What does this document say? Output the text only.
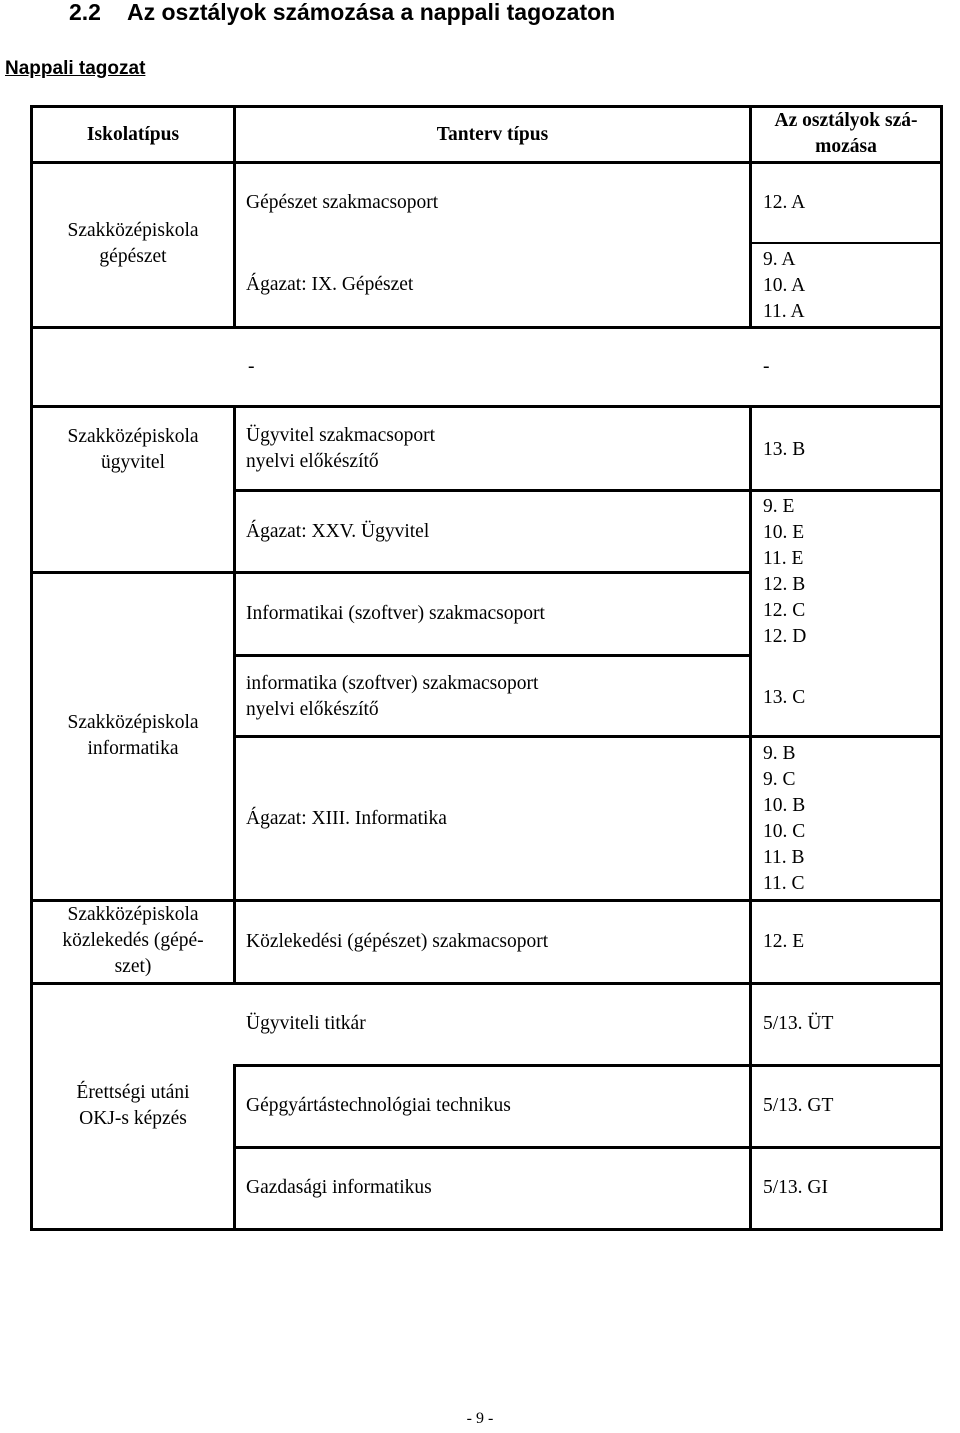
2.2 Az osztályok számozása a nappali tagozaton
Nappali tagozat
Iskolatípus	Tanterv típus
Az osztályok szá-
mozása
Szakközépiskola
gépészet
Szakközépiskola
ügyvitel
Szakközépiskola
informatika
Szakközépiskola
közlekedés (gépé-
szet)
Érettségi utáni
OKJ-s képzés
Gépészet szakmacsoport
Ágazat: IX. Gépészet
-
Ügyvitel szakmacsoport
nyelvi előkészítő
Ágazat: XXV. Ügyvitel
Informatikai (szoftver) szakmacsoport
informatika (szoftver) szakmacsoport
nyelvi előkészítő
Ágazat: XIII. Informatika
Közlekedési (gépészet) szakmacsoport
Ügyviteli titkár
Gépgyártástechnológiai technikus
Gazdasági informatikus
12. A
9. A
10. A
11. A
-
13. B
9. E
10. E
11. E
12. B
12. C
12. D
13. C
9. B
9. C
10. B
10. C
11. B
11. C
12. E
5/13. ÜT
5/13. GT
5/13. GI
- 9 -
